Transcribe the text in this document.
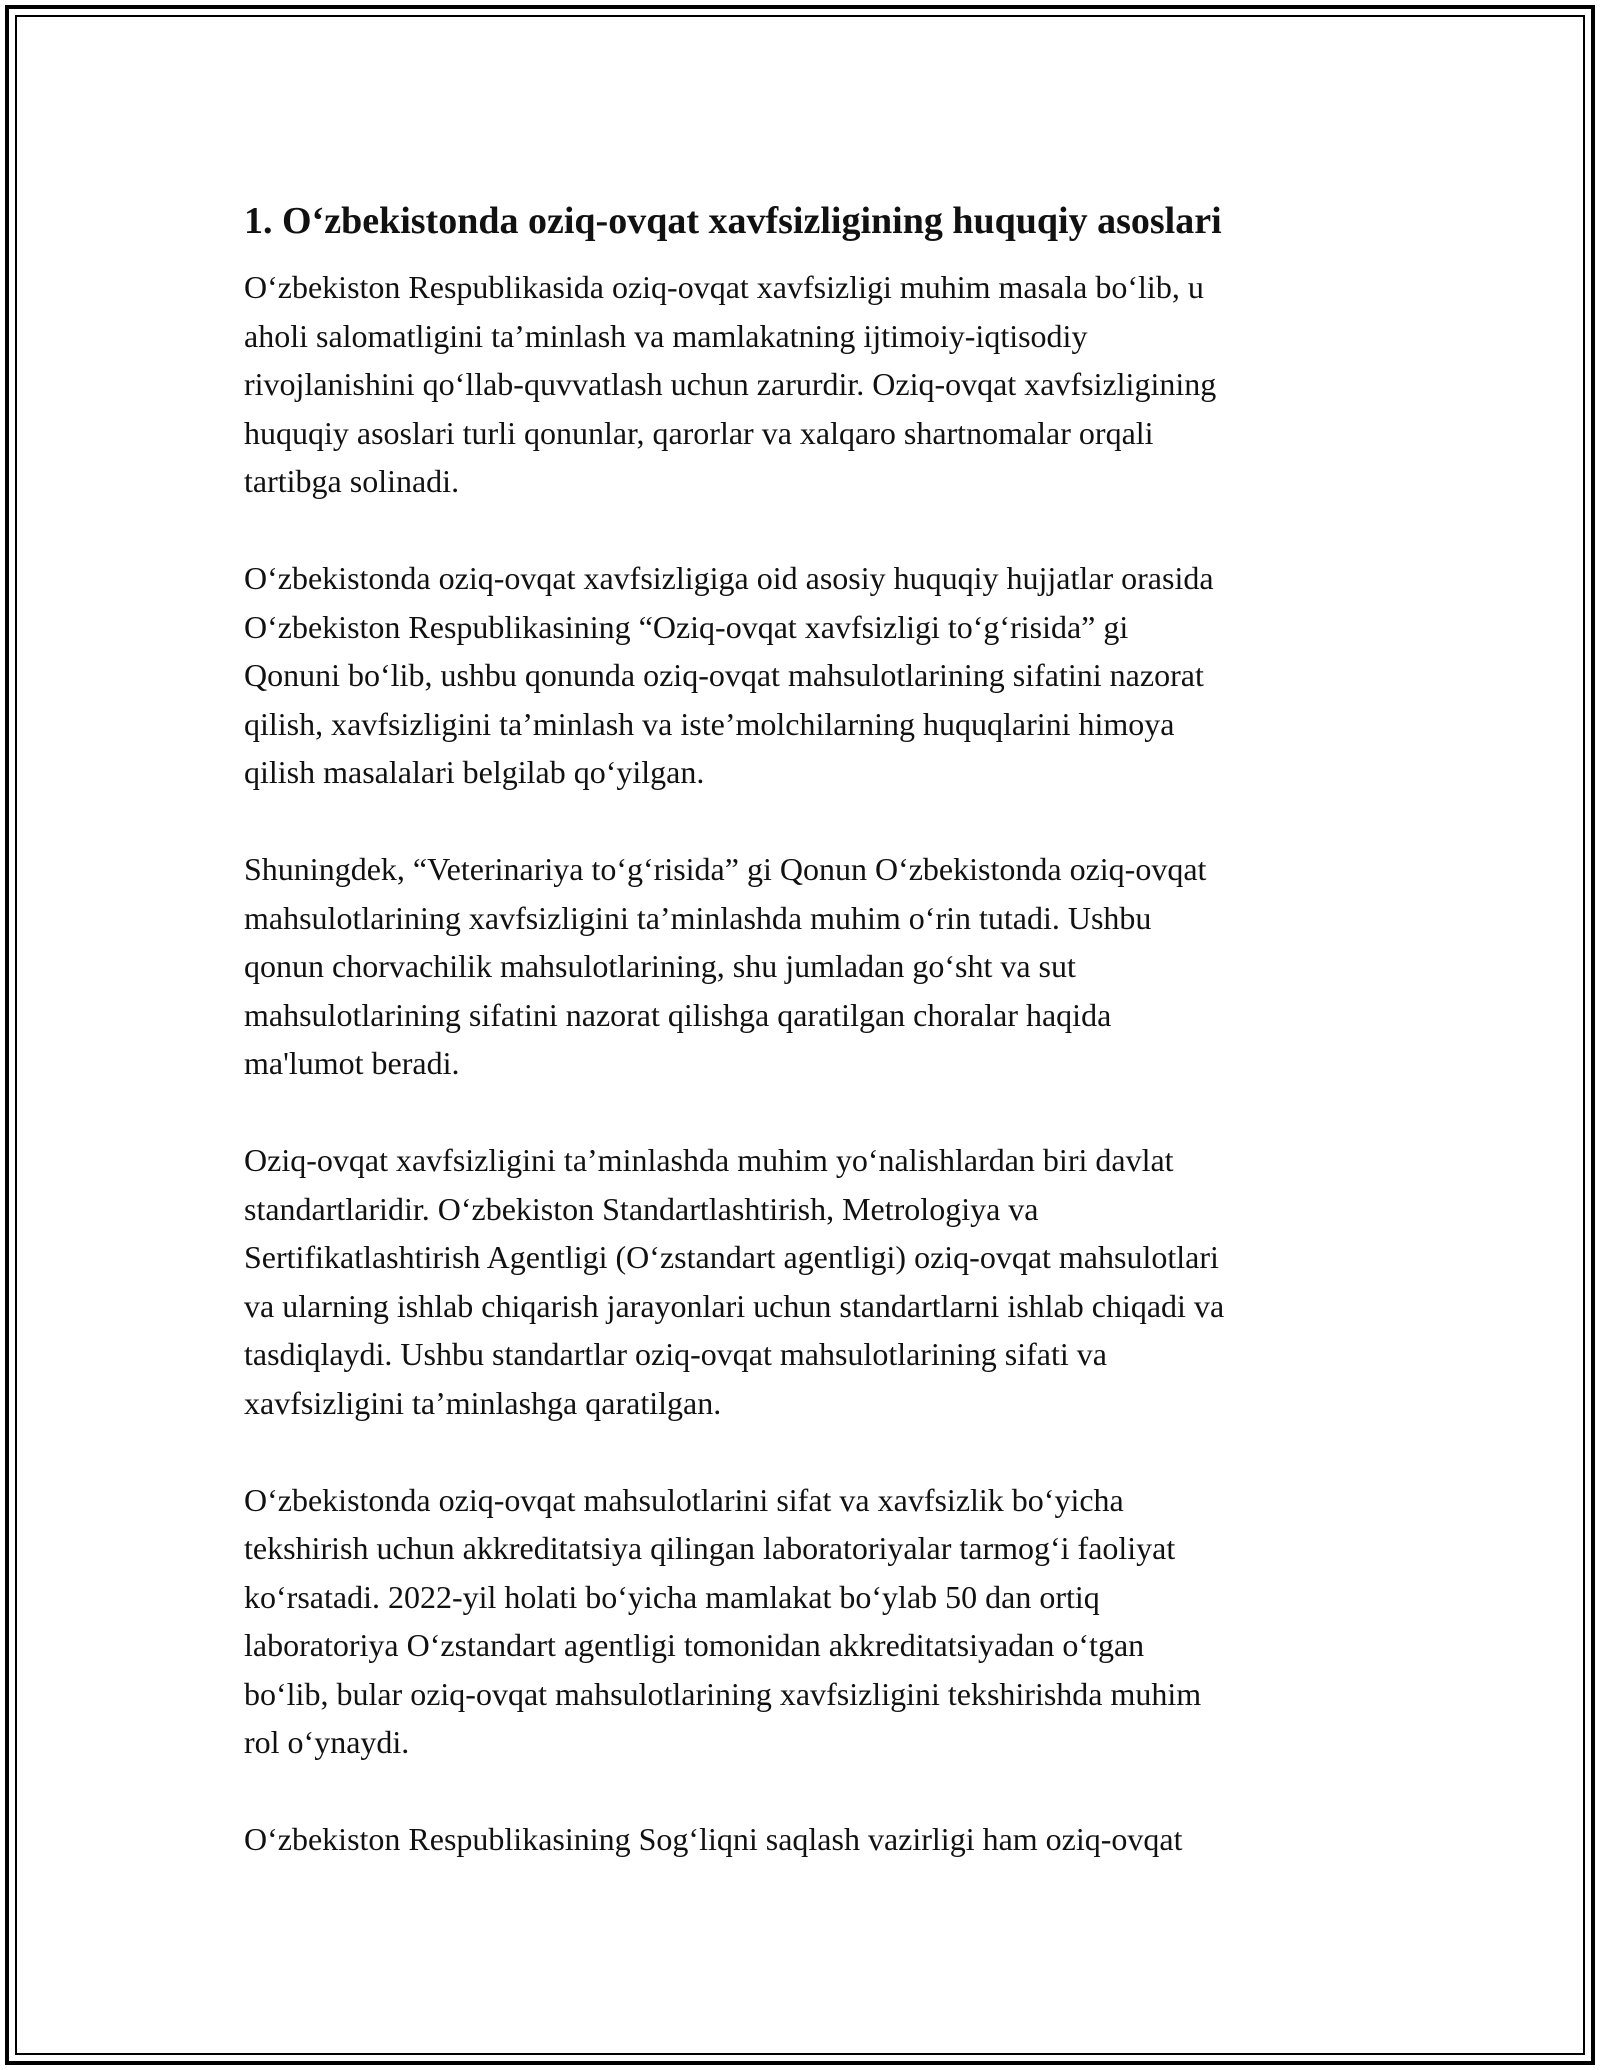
1. O‘zbekistonda oziq-ovqat xavfsizligining huquqiy asoslari
O‘zbekiston Respublikasida oziq-ovqat xavfsizligi muhim masala bo‘lib, u
aholi salomatligini ta’minlash va mamlakatning ijtimoiy-iqtisodiy
rivojlanishini qo‘llab-quvvatlash uchun zarurdir. Oziq-ovqat xavfsizligining
huquqiy asoslari turli qonunlar, qarorlar va xalqaro shartnomalar orqali
tartibga solinadi.
O‘zbekistonda oziq-ovqat xavfsizligiga oid asosiy huquqiy hujjatlar orasida
O‘zbekiston Respublikasining “Oziq-ovqat xavfsizligi to‘g‘risida” gi
Qonuni bo‘lib, ushbu qonunda oziq-ovqat mahsulotlarining sifatini nazorat
qilish, xavfsizligini ta’minlash va iste’molchilarning huquqlarini himoya
qilish masalalari belgilab qo‘yilgan.
Shuningdek, “Veterinariya to‘g‘risida” gi Qonun O‘zbekistonda oziq-ovqat
mahsulotlarining xavfsizligini ta’minlashda muhim o‘rin tutadi. Ushbu
qonun chorvachilik mahsulotlarining, shu jumladan go‘sht va sut
mahsulotlarining sifatini nazorat qilishga qaratilgan choralar haqida
ma'lumot beradi.
Oziq-ovqat xavfsizligini ta’minlashda muhim yo‘nalishlardan biri davlat
standartlaridir. O‘zbekiston Standartlashtirish, Metrologiya va
Sertifikatlashtirish Agentligi (O‘zstandart agentligi) oziq-ovqat mahsulotlari
va ularning ishlab chiqarish jarayonlari uchun standartlarni ishlab chiqadi va
tasdiqlaydi. Ushbu standartlar oziq-ovqat mahsulotlarining sifati va
xavfsizligini ta’minlashga qaratilgan.
O‘zbekistonda oziq-ovqat mahsulotlarini sifat va xavfsizlik bo‘yicha
tekshirish uchun akkreditatsiya qilingan laboratoriyalar tarmog‘i faoliyat
ko‘rsatadi. 2022-yil holati bo‘yicha mamlakat bo‘ylab 50 dan ortiq
laboratoriya O‘zstandart agentligi tomonidan akkreditatsiyadan o‘tgan
bo‘lib, bular oziq-ovqat mahsulotlarining xavfsizligini tekshirishda muhim
rol o‘ynaydi.
O‘zbekiston Respublikasining Sog‘liqni saqlash vazirligi ham oziq-ovqat
